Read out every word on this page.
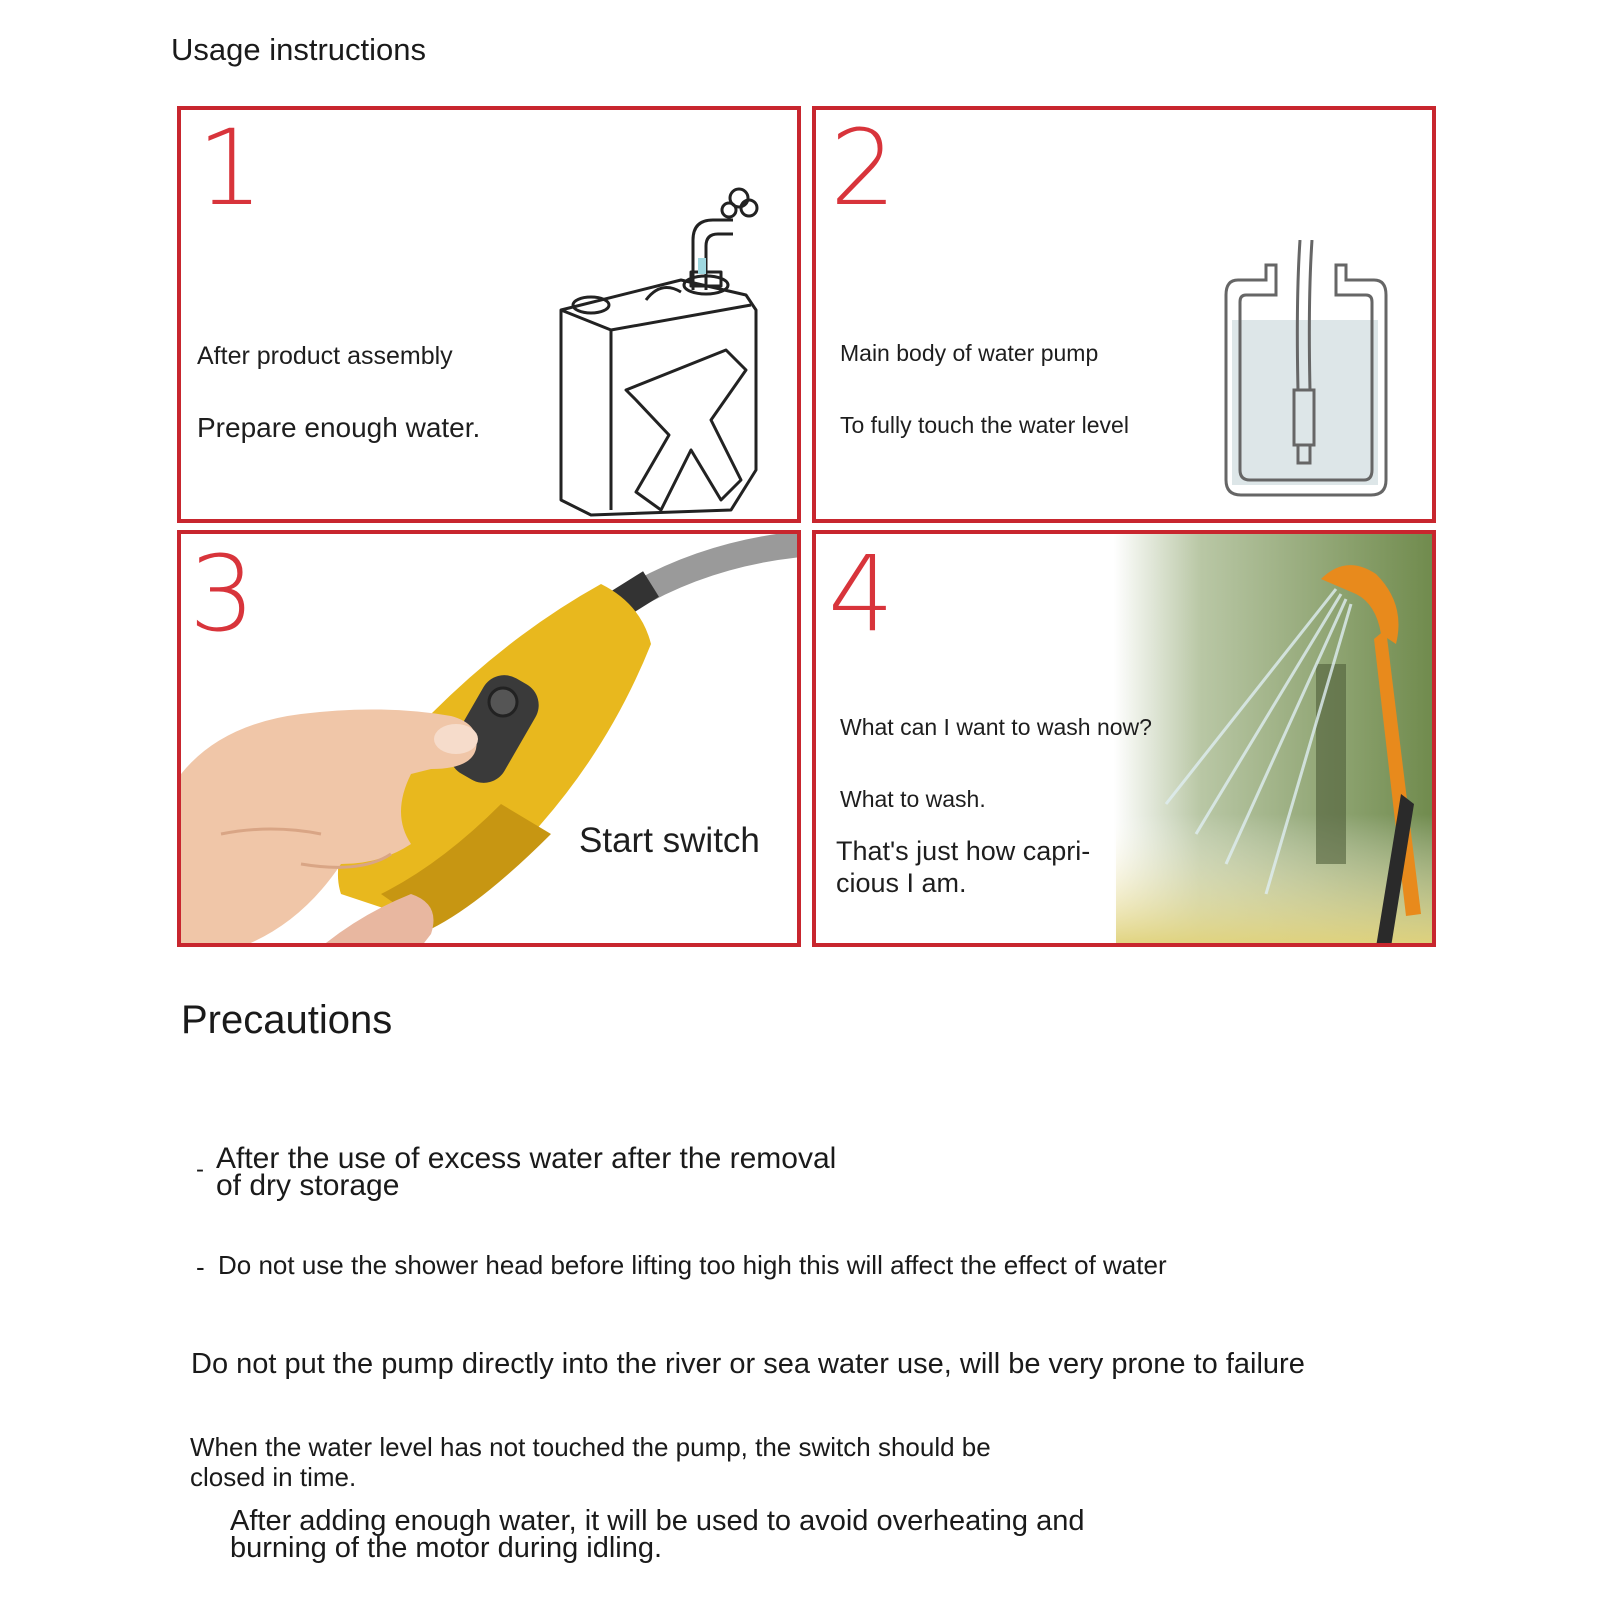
Usage instructions
1
After product assembly
Prepare enough water.
2
Main body of water pump
To fully touch the water level
3
Start switch
4
What can I want to wash now?
What to wash.
That's just how capri-
cious I am.
Precautions
- After the use of excess water after the removal
of dry storage
- Do not use the shower head before lifting too high this will affect the effect of water
Do not put the pump directly into the river or sea water use, will be very prone to failure
When the water level has not touched the pump, the switch should be
closed in time.
After adding enough water, it will be used to avoid overheating and
burning of the motor during idling.
